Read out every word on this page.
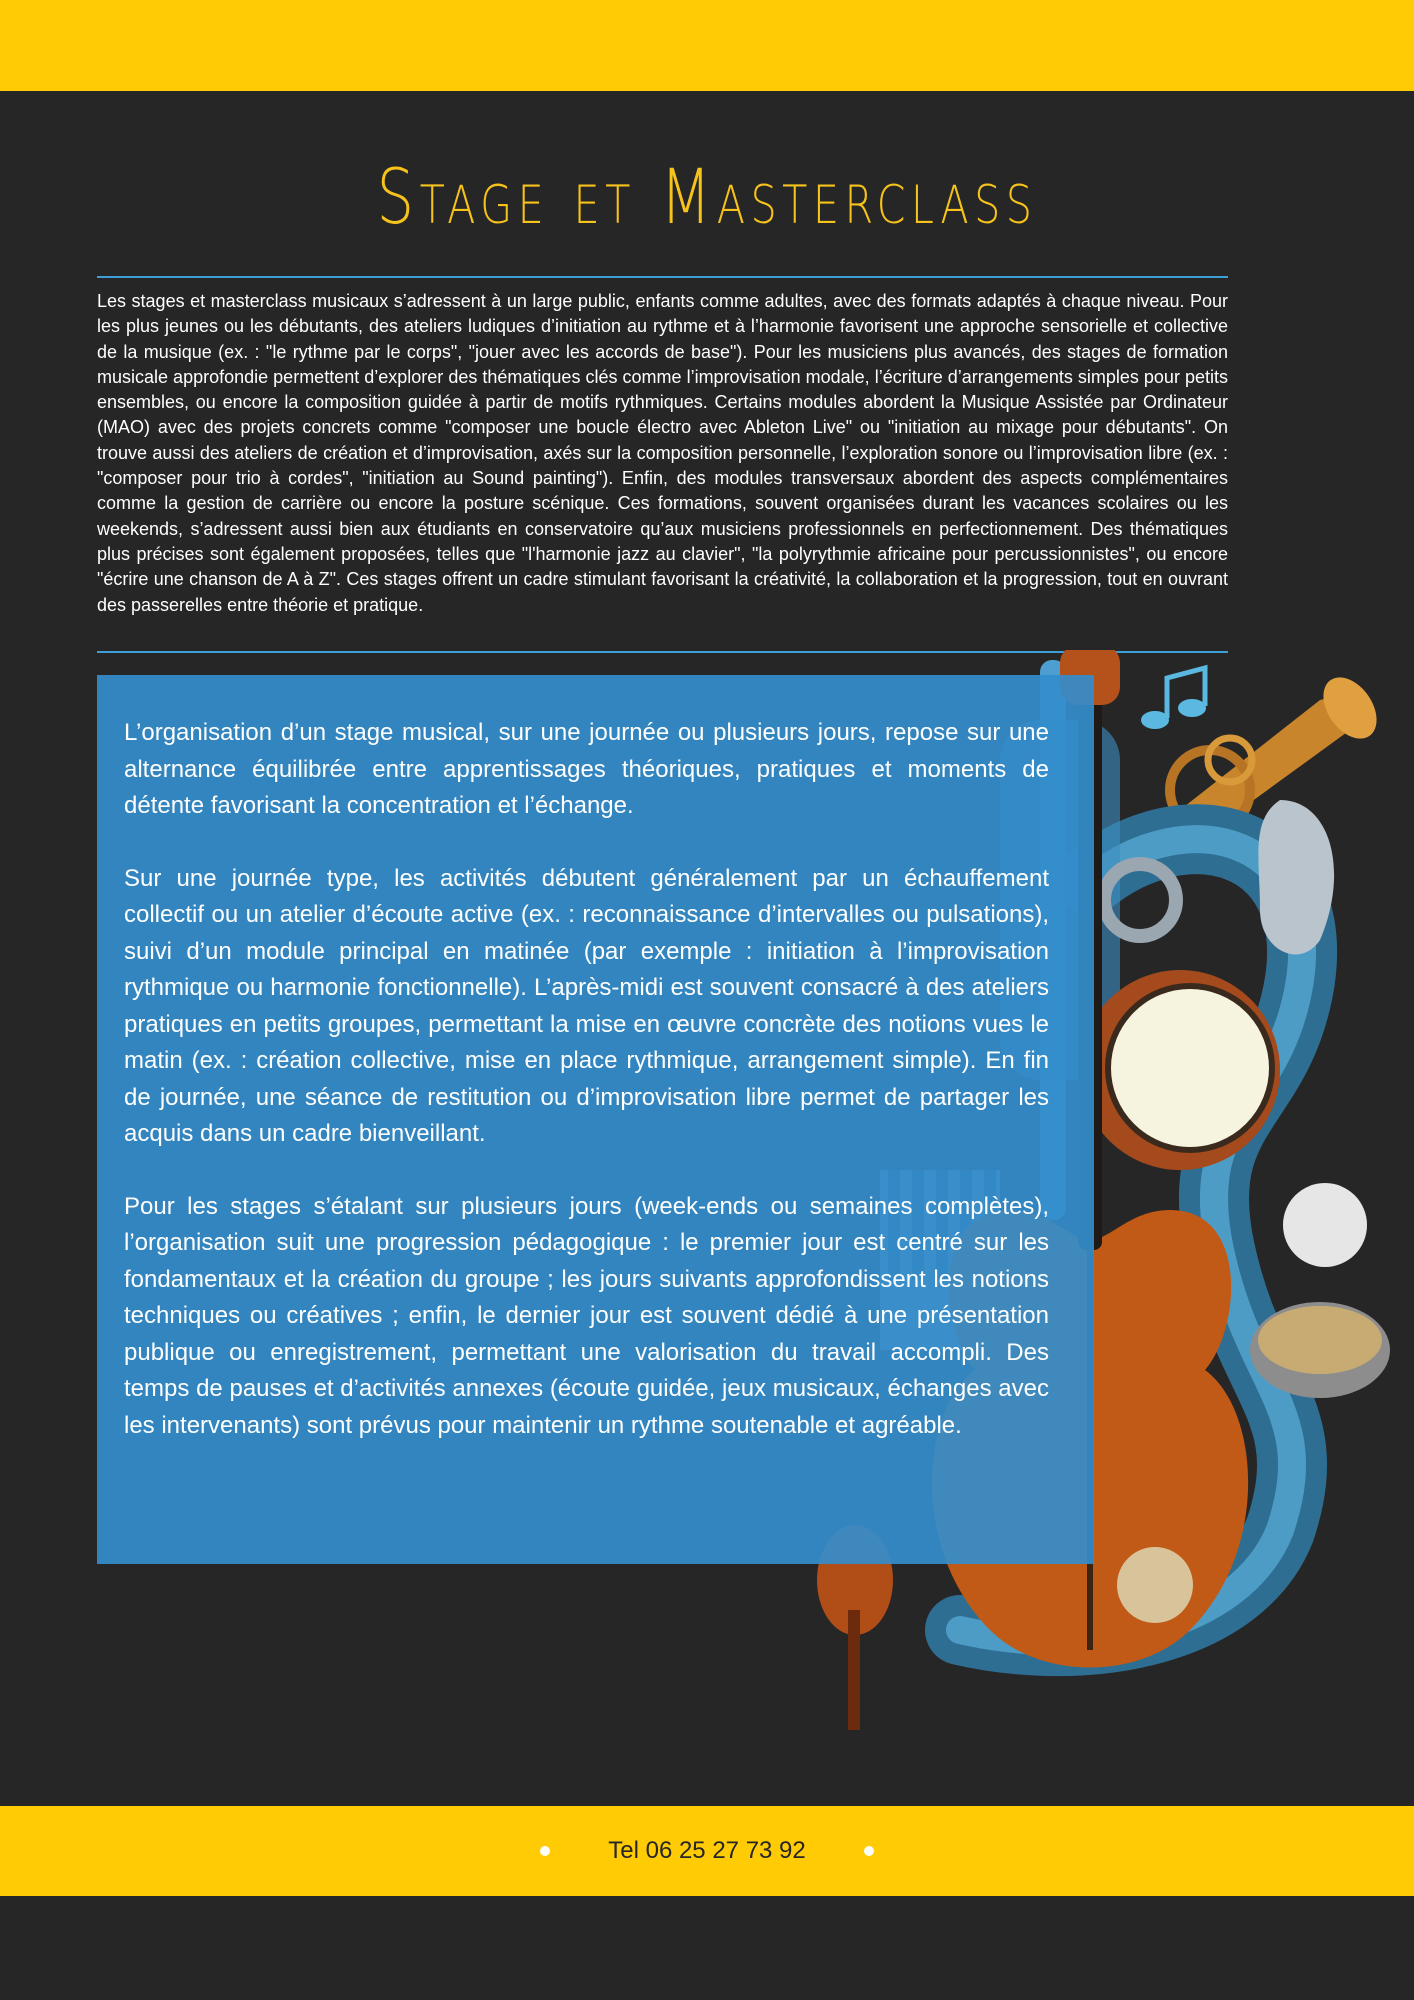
Stage et Masterclass

Les stages et masterclass musicaux s’adressent à un large public, enfants comme adultes, avec des formats adaptés à chaque niveau. Pour les plus jeunes ou les débutants, des ateliers ludiques d’initiation au rythme et à l’harmonie favorisent une approche sensorielle et collective de la musique (ex. : "le rythme par le corps", "jouer avec les accords de base"). Pour les musiciens plus avancés, des stages de formation musicale approfondie permettent d’explorer des thématiques clés comme l’improvisation modale, l’écriture d’arrangements simples pour petits ensembles, ou encore la composition guidée à partir de motifs rythmiques. Certains modules abordent la Musique Assistée par Ordinateur (MAO) avec des projets concrets comme "composer une boucle électro avec Ableton Live" ou "initiation au mixage pour débutants". On trouve aussi des ateliers de création et d’improvisation, axés sur la composition personnelle, l’exploration sonore ou l’improvisation libre (ex. : "composer pour trio à cordes", "initiation au Sound painting"). Enfin, des modules transversaux abordent des aspects complémentaires comme la gestion de carrière ou encore la posture scénique. Ces formations, souvent organisées durant les vacances scolaires ou les weekends, s’adressent aussi bien aux étudiants en conservatoire qu’aux musiciens professionnels en perfectionnement. Des thématiques plus précises sont également proposées, telles que "l'harmonie jazz au clavier", "la polyrythmie africaine pour percussionnistes", ou encore "écrire une chanson de A à Z". Ces stages offrent un cadre stimulant favorisant la créativité, la collaboration et la progression, tout en ouvrant des passerelles entre théorie et pratique.

L’organisation d’un stage musical, sur une journée ou plusieurs jours, repose sur une alternance équilibrée entre apprentissages théoriques, pratiques et moments de détente favorisant la concentration et l’échange.

Sur une journée type, les activités débutent généralement par un échauffement collectif ou un atelier d’écoute active (ex. : reconnaissance d’intervalles ou pulsations), suivi d’un module principal en matinée (par exemple : initiation à l’improvisation rythmique ou harmonie fonctionnelle). L’après-midi est souvent consacré à des ateliers pratiques en petits groupes, permettant la mise en œuvre concrète des notions vues le matin (ex. : création collective, mise en place rythmique, arrangement simple). En fin de journée, une séance de restitution ou d’improvisation libre permet de partager les acquis dans un cadre bienveillant.

Pour les stages s’étalant sur plusieurs jours (week-ends ou semaines complètes), l’organisation suit une progression pédagogique : le premier jour est centré sur les fondamentaux et la création du groupe ; les jours suivants approfondissent les notions techniques ou créatives ; enfin, le dernier jour est souvent dédié à une présentation publique ou enregistrement, permettant une valorisation du travail accompli. Des temps de pauses et d’activités annexes (écoute guidée, jeux musicaux, échanges avec les intervenants) sont prévus pour maintenir un rythme soutenable et agréable.

Tel 06 25 27 73 92
